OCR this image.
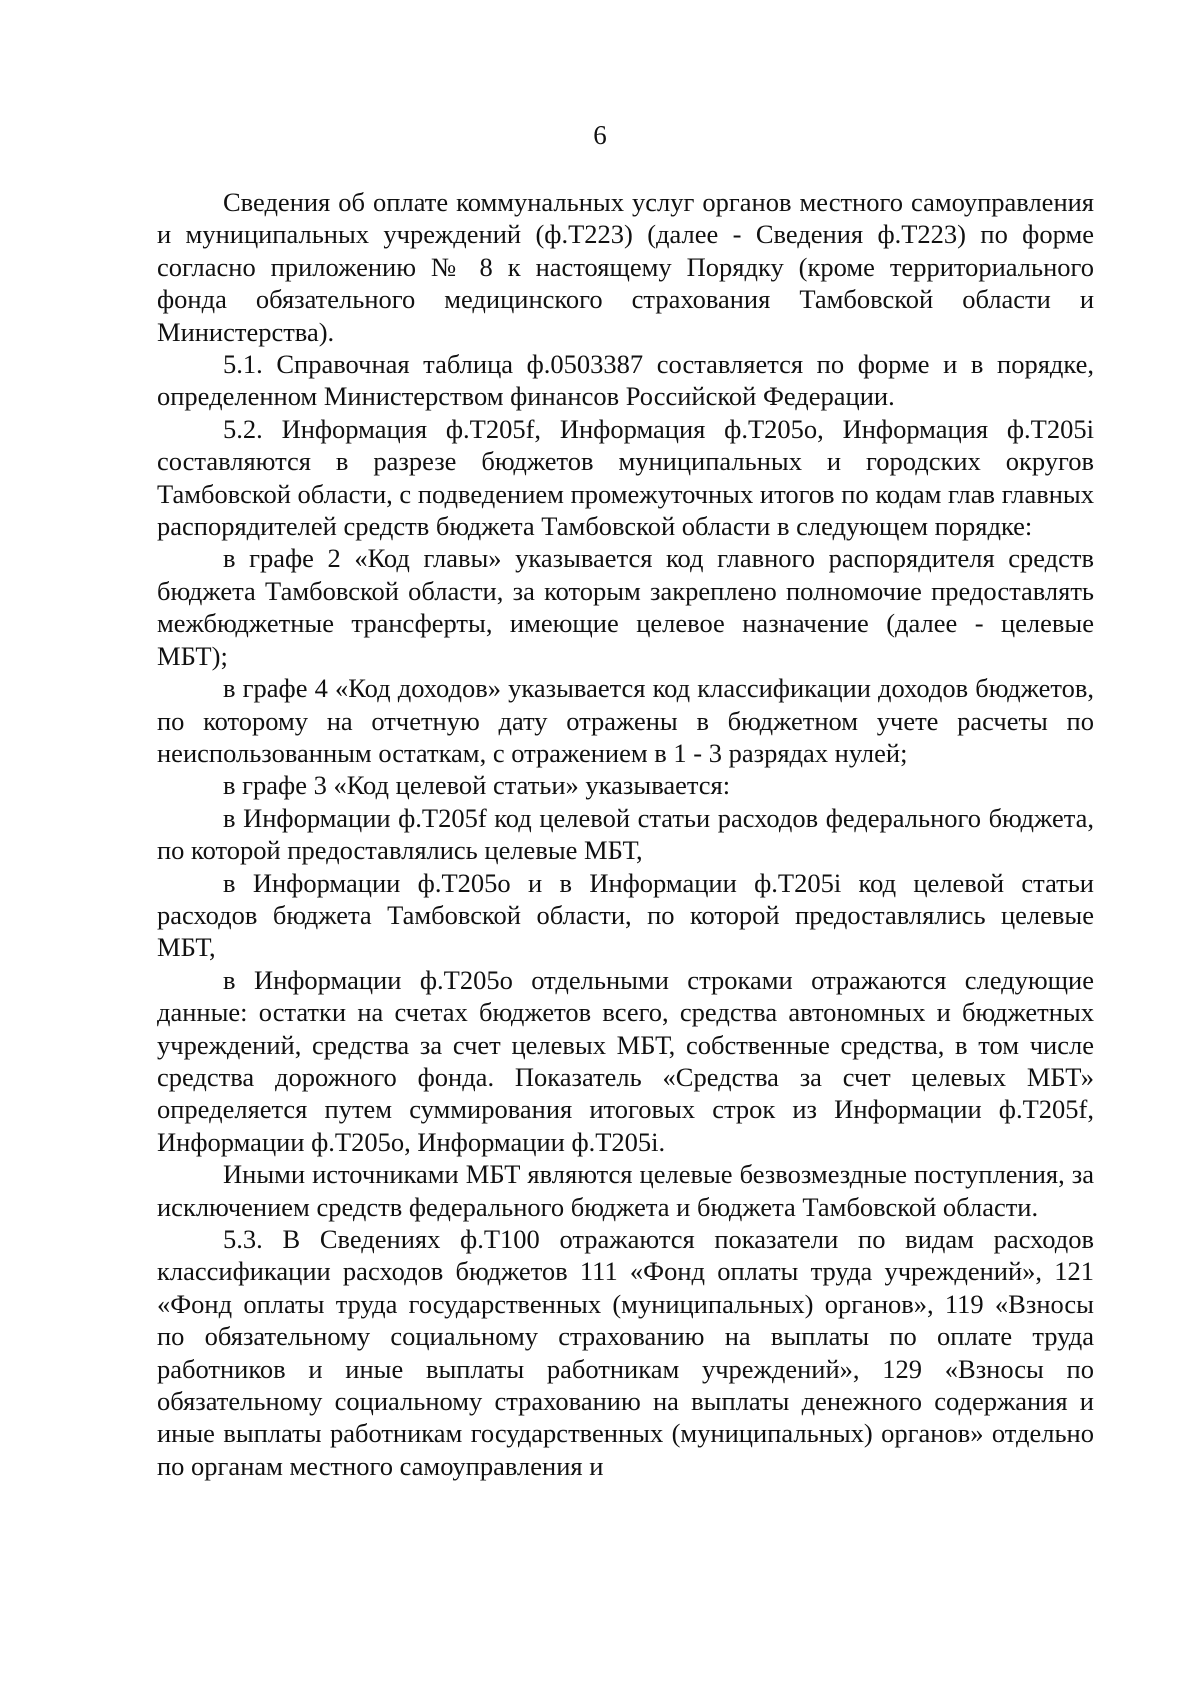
6

Сведения об оплате коммунальных услуг органов местного самоуправления и муниципальных учреждений (ф.Т223) (далее - Сведения ф.Т223) по форме согласно приложению № 8 к настоящему Порядку (кроме территориального фонда обязательного медицинского страхования Тамбовской области и Министерства).

5.1. Справочная таблица ф.0503387 составляется по форме и в порядке, определенном Министерством финансов Российской Федерации.

5.2. Информация ф.Т205f, Информация ф.Т205о, Информация ф.Т205i составляются в разрезе бюджетов муниципальных и городских округов Тамбовской области, с подведением промежуточных итогов по кодам глав главных распорядителей средств бюджета Тамбовской области в следующем порядке:

в графе 2 «Код главы» указывается код главного распорядителя средств бюджета Тамбовской области, за которым закреплено полномочие предоставлять межбюджетные трансферты, имеющие целевое назначение (далее - целевые МБТ);

в графе 4 «Код доходов» указывается код классификации доходов бюджетов, по которому на отчетную дату отражены в бюджетном учете расчеты по неиспользованным остаткам, с отражением в 1 - 3 разрядах нулей;

в графе 3 «Код целевой статьи» указывается:

в Информации ф.Т205f код целевой статьи расходов федерального бюджета, по которой предоставлялись целевые МБТ,

в Информации ф.Т205о и в Информации ф.Т205i код целевой статьи расходов бюджета Тамбовской области, по которой предоставлялись целевые МБТ,

в Информации ф.Т205о отдельными строками отражаются следующие данные: остатки на счетах бюджетов всего, средства автономных и бюджетных учреждений, средства за счет целевых МБТ, собственные средства, в том числе средства дорожного фонда. Показатель «Средства за счет целевых МБТ» определяется путем суммирования итоговых строк из Информации ф.Т205f, Информации ф.Т205о, Информации ф.Т205i.

Иными источниками МБТ являются целевые безвозмездные поступления, за исключением средств федерального бюджета и бюджета Тамбовской области.

5.3. В Сведениях ф.Т100 отражаются показатели по видам расходов классификации расходов бюджетов 111 «Фонд оплаты труда учреждений», 121 «Фонд оплаты труда государственных (муниципальных) органов», 119 «Взносы по обязательному социальному страхованию на выплаты по оплате труда работников и иные выплаты работникам учреждений», 129 «Взносы по обязательному социальному страхованию на выплаты денежного содержания и иные выплаты работникам государственных (муниципальных) органов» отдельно по органам местного самоуправления и
